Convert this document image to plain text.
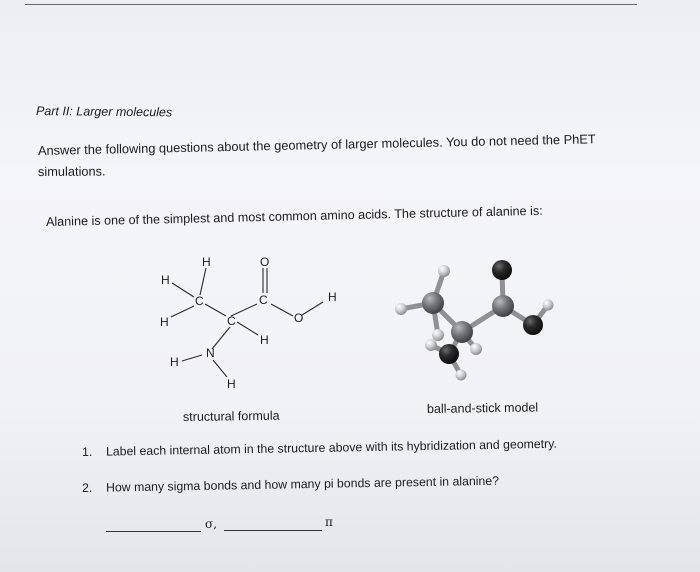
Part II: Larger molecules
Answer the following questions about the geometry of larger molecules. You do not need the PhET
simulations.
Alanine is one of the simplest and most common amino acids. The structure of alanine is:
H	O
H
C	C	H
H	C	O
H
N
H
H
structural formula
ball-and-stick model
1. Label each internal atom in the structure above with its hybridization and geometry.
2. How many sigma bonds and how many pi bonds are present in alanine?
σ,	π
